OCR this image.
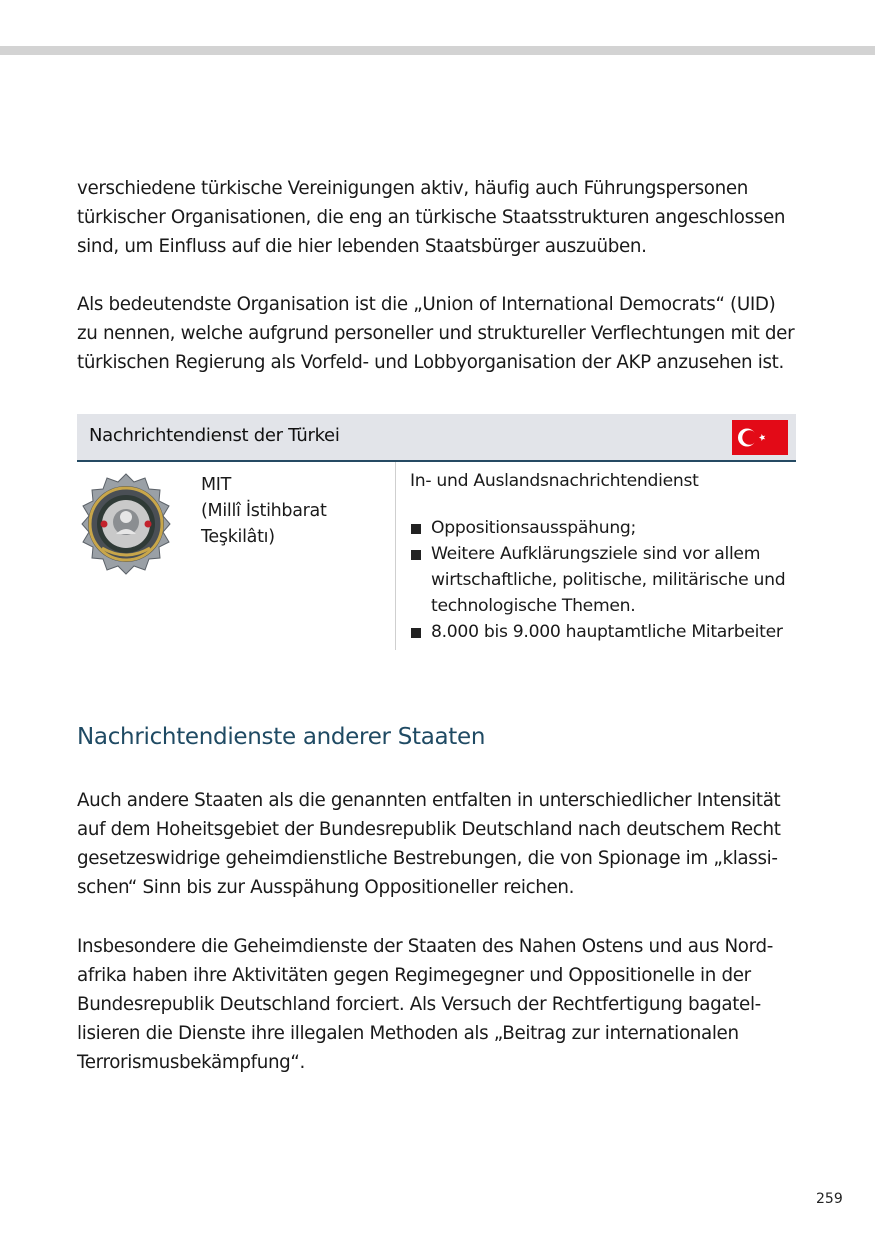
verschiedene türkische Vereinigungen aktiv, häufig auch Führungspersonen
türkischer Organisationen, die eng an türkische Staatsstrukturen angeschlossen
sind, um Einfluss auf die hier lebenden Staatsbürger auszuüben.

Als bedeutendste Organisation ist die „Union of International Democrats“ (UID)
zu nennen, welche aufgrund personeller und struktureller Verflechtungen mit der
türkischen Regierung als Vorfeld- und Lobbyorganisation der AKP anzusehen ist.

Nachrichtendienst der Türkei
MIT
(Millî İstihbarat
Teşkilâtı)
In- und Auslandsnachrichtendienst
Oppositionsausspähung;
Weitere Aufklärungsziele sind vor allem
wirtschaftliche, politische, militärische und
technologische Themen.
8.000 bis 9.000 hauptamtliche Mitarbeiter
Nachrichtendienste anderer Staaten

Auch andere Staaten als die genannten entfalten in unterschiedlicher Intensität
auf dem Hoheitsgebiet der Bundesrepublik Deutschland nach deutschem Recht
gesetzeswidrige geheimdienstliche Bestrebungen, die von Spionage im „klassi-
schen“ Sinn bis zur Ausspähung Oppositioneller reichen.

Insbesondere die Geheimdienste der Staaten des Nahen Ostens und aus Nord-
afrika haben ihre Aktivitäten gegen Regimegegner und Oppositionelle in der
Bundesrepublik Deutschland forciert. Als Versuch der Rechtfertigung bagatel-
lisieren die Dienste ihre illegalen Methoden als „Beitrag zur internationalen
Terrorismusbekämpfung“.

259
